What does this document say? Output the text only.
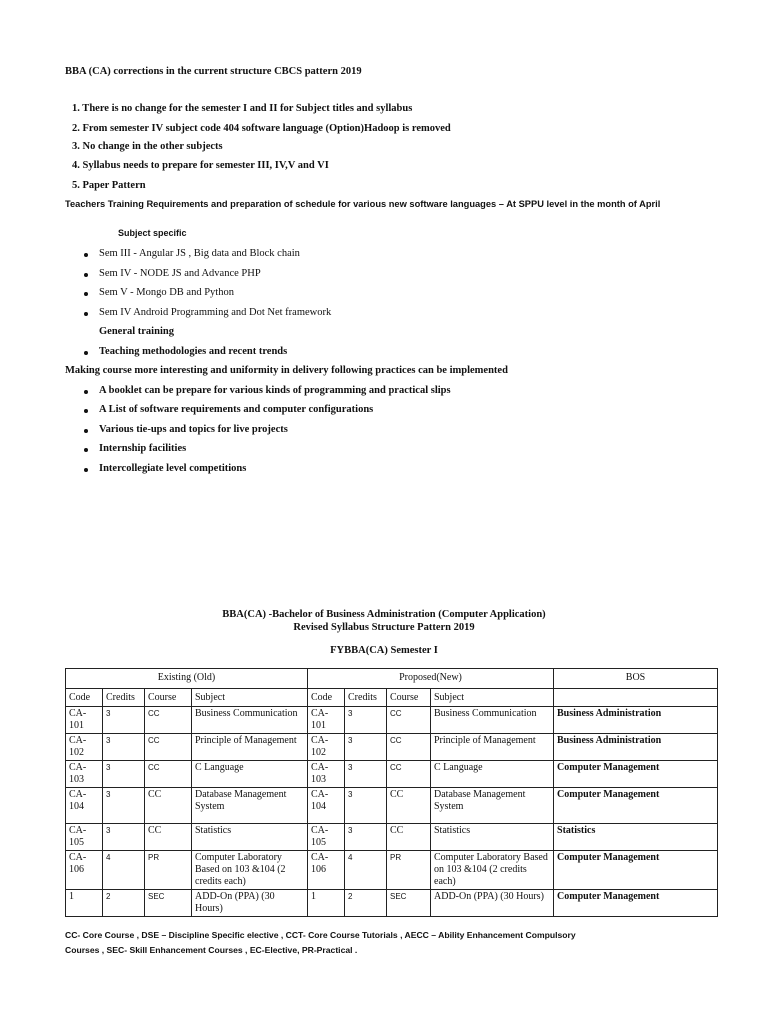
BBA (CA) corrections in the current structure CBCS pattern 2019
1. There is no change for the semester I and II for Subject titles and syllabus
2. From semester IV subject code 404 software language (Option)Hadoop is removed
3. No change in the other subjects
4. Syllabus needs to prepare for semester III, IV,V and VI
5. Paper Pattern
Teachers Training Requirements and preparation of schedule for various new software languages – At SPPU level in the month of April
Subject specific
Sem III - Angular JS , Big data and Block chain
Sem IV - NODE JS and Advance PHP
Sem V - Mongo DB and Python
Sem IV Android Programming and Dot Net framework
General training
Teaching methodologies and recent trends
Making course more interesting and uniformity in delivery following practices can be implemented
A booklet can be prepare for various kinds of programming and practical slips
A List of software requirements and computer configurations
Various tie-ups and topics for live projects
Internship facilities
Intercollegiate level competitions
BBA(CA) -Bachelor of Business Administration (Computer Application)
Revised Syllabus Structure Pattern 2019
FYBBA(CA) Semester I
Existing (Old)				Proposed(New)				BOS
Code	Credits	Course	Subject	Code	Credits	Course	Subject	
CA-101	3	CC	Business Communication	CA-101	3	CC	Business Communication	Business Administration
CA-102	3	CC	Principle of Management	CA-102	3	CC	Principle of Management	Business Administration
CA-103	3	CC	C Language	CA-103	3	CC	C Language	Computer Management
CA-104	3	CC	Database Management System	CA-104	3	CC	Database Management System	Computer Management
CA-105	3	CC	Statistics	CA-105	3	CC	Statistics	Statistics
CA-106	4	PR	Computer Laboratory Based on 103 &104 (2 credits each)	CA-106	4	PR	Computer Laboratory Based on 103 &104 (2 credits each)	Computer Management
1	2	SEC	ADD-On (PPA) (30 Hours)	1	2	SEC	ADD-On (PPA) (30 Hours)	Computer Management
CC- Core Course , DSE – Discipline Specific elective , CCT- Core Course Tutorials , AECC – Ability Enhancement Compulsory
Courses , SEC- Skill Enhancement Courses , EC-Elective, PR-Practical .
